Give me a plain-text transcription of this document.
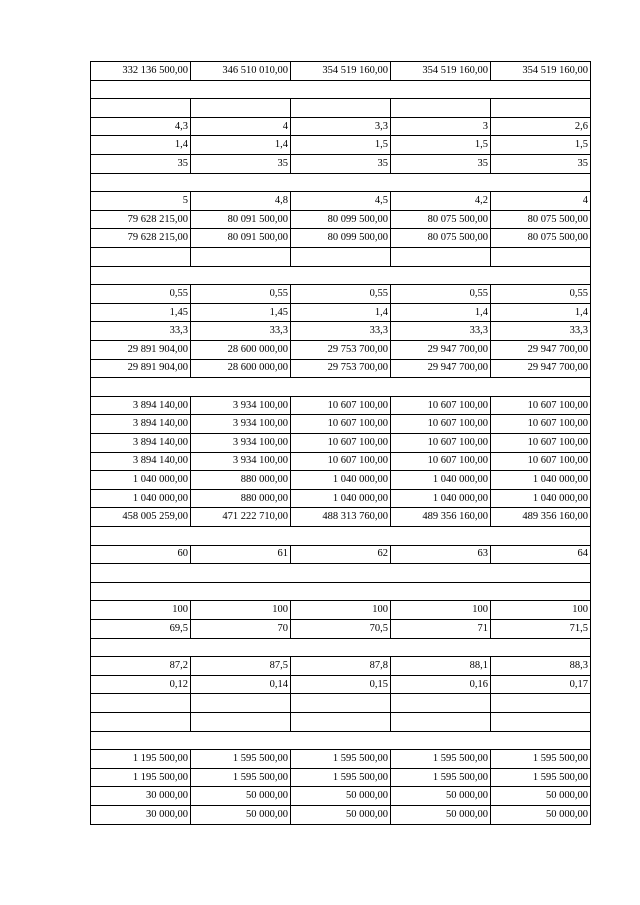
332 136 500,00	346 510 010,00	354 519 160,00	354 519 160,00	354 519 160,00
4,3	4	3,3	3	2,6
1,4	1,4	1,5	1,5	1,5
35	35	35	35	35
5	4,8	4,5	4,2	4
79 628 215,00	80 091 500,00	80 099 500,00	80 075 500,00	80 075 500,00
79 628 215,00	80 091 500,00	80 099 500,00	80 075 500,00	80 075 500,00
0,55	0,55	0,55	0,55	0,55
1,45	1,45	1,4	1,4	1,4
33,3	33,3	33,3	33,3	33,3
29 891 904,00	28 600 000,00	29 753 700,00	29 947 700,00	29 947 700,00
29 891 904,00	28 600 000,00	29 753 700,00	29 947 700,00	29 947 700,00
3 894 140,00	3 934 100,00	10 607 100,00	10 607 100,00	10 607 100,00
3 894 140,00	3 934 100,00	10 607 100,00	10 607 100,00	10 607 100,00
3 894 140,00	3 934 100,00	10 607 100,00	10 607 100,00	10 607 100,00
3 894 140,00	3 934 100,00	10 607 100,00	10 607 100,00	10 607 100,00
1 040 000,00	880 000,00	1 040 000,00	1 040 000,00	1 040 000,00
1 040 000,00	880 000,00	1 040 000,00	1 040 000,00	1 040 000,00
458 005 259,00	471 222 710,00	488 313 760,00	489 356 160,00	489 356 160,00
60	61	62	63	64
100	100	100	100	100
69,5	70	70,5	71	71,5
87,2	87,5	87,8	88,1	88,3
0,12	0,14	0,15	0,16	0,17
1 195 500,00	1 595 500,00	1 595 500,00	1 595 500,00	1 595 500,00
1 195 500,00	1 595 500,00	1 595 500,00	1 595 500,00	1 595 500,00
30 000,00	50 000,00	50 000,00	50 000,00	50 000,00
30 000,00	50 000,00	50 000,00	50 000,00	50 000,00
